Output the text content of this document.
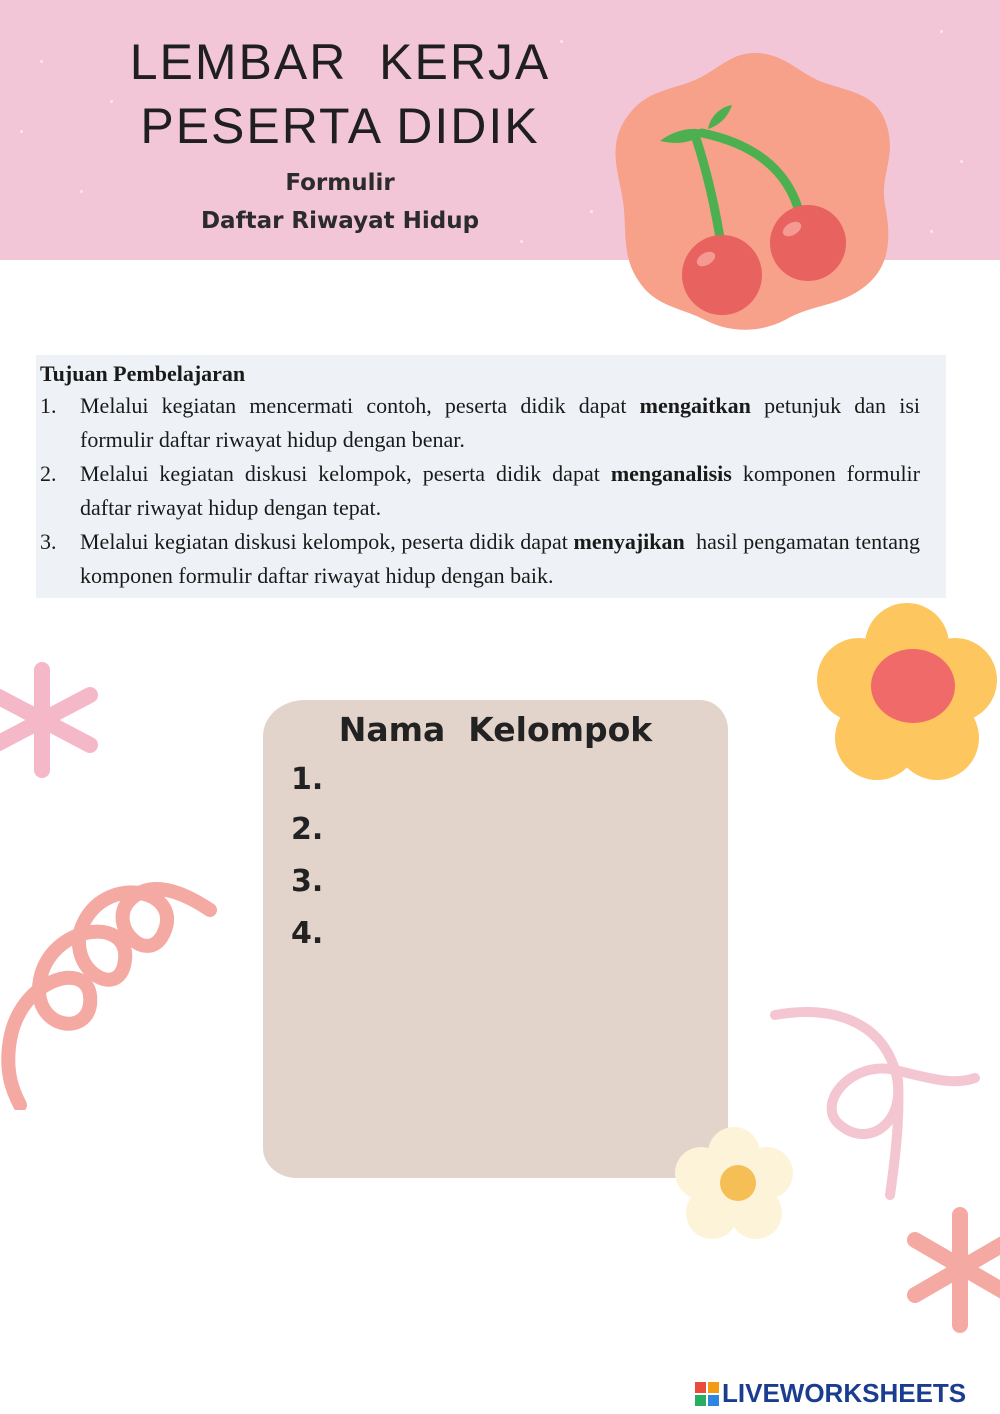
LEMBAR  KERJA
PESERTA DIDIK
Formulir
Daftar Riwayat Hidup
Tujuan Pembelajaran
1.	Melalui kegiatan mencermati contoh, peserta didik dapat mengaitkan petunjuk dan isi formulir daftar riwayat hidup dengan benar.
2.	Melalui kegiatan diskusi kelompok, peserta didik dapat menganalisis komponen formulir daftar riwayat hidup dengan tepat.
3.	Melalui kegiatan diskusi kelompok, peserta didik dapat menyajikan  hasil pengamatan tentang komponen formulir daftar riwayat hidup dengan baik.
Nama  Kelompok
1.
2.
3.
4.
LIVEWORKSHEETS
